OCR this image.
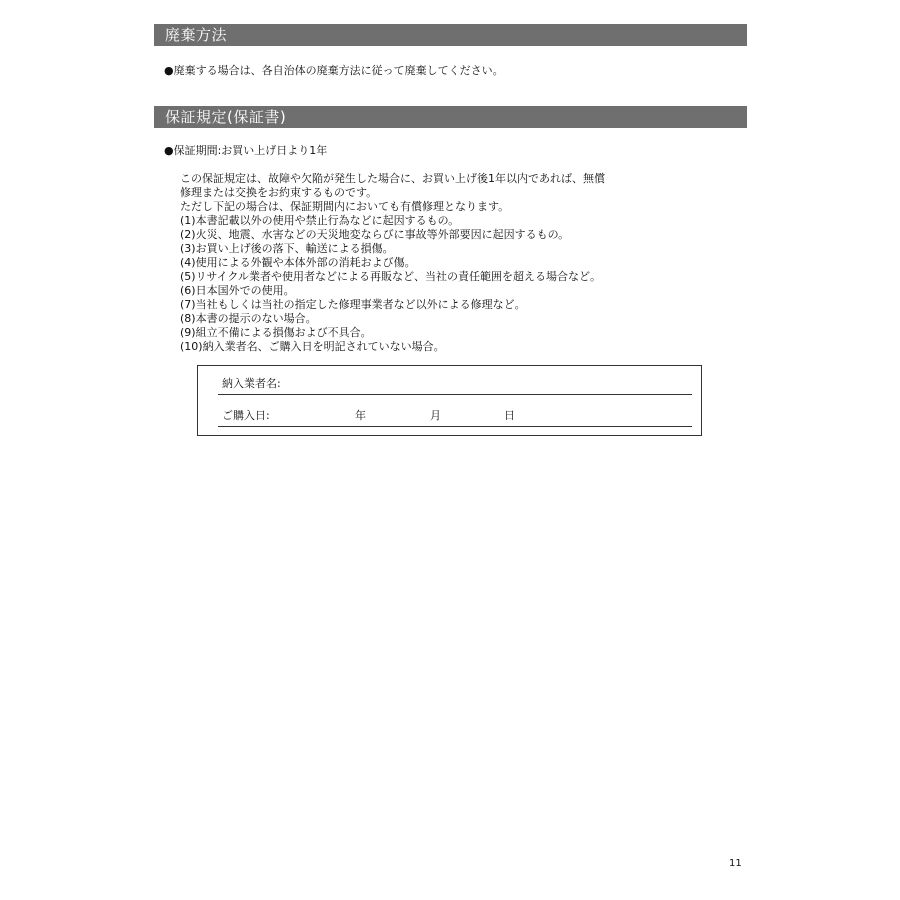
廃棄方法
●廃棄する場合は、各自治体の廃棄方法に従って廃棄してください。
保証規定(保証書)
●保証期間:お買い上げ日より1年
この保証規定は、故障や欠陥が発生した場合に、お買い上げ後1年以内であれば、無償
修理または交換をお約束するものです。
ただし下記の場合は、保証期間内においても有償修理となります。
(1)本書記載以外の使用や禁止行為などに起因するもの。
(2)火災、地震、水害などの天災地変ならびに事故等外部要因に起因するもの。
(3)お買い上げ後の落下、輸送による損傷。
(4)使用による外観や本体外部の消耗および傷。
(5)リサイクル業者や使用者などによる再販など、当社の責任範囲を超える場合など。
(6)日本国外での使用。
(7)当社もしくは当社の指定した修理事業者など以外による修理など。
(8)本書の提示のない場合。
(9)組立不備による損傷および不具合。
(10)納入業者名、ご購入日を明記されていない場合。
納入業者名:
ご購入日:	年	月	日
11
